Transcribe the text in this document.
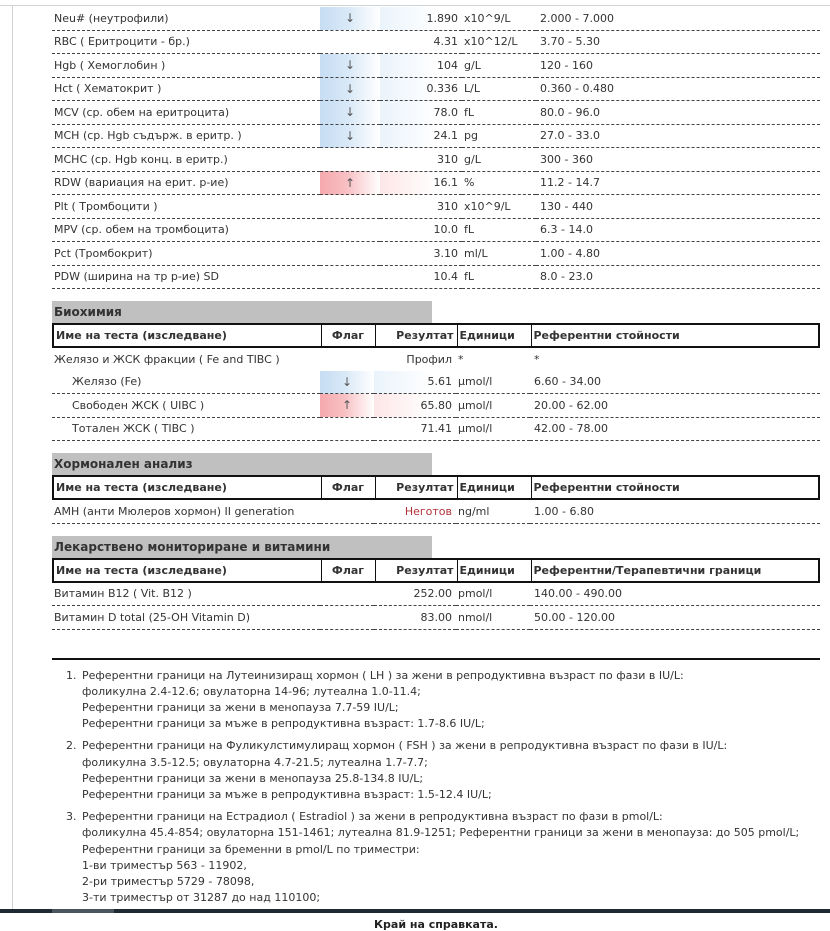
Neu# (неутрофили)	↓	1.890	x10^9/L	2.000 - 7.000
RBC ( Еритроцити - бр.)		4.31	x10^12/L	3.70 - 5.30
Hgb ( Хемоглобин )	↓	104	g/L	120 - 160
Hct ( Хематокрит )	↓	0.336	L/L	0.360 - 0.480
MCV (ср. обем на еритроцита)	↓	78.0	fL	80.0 - 96.0
MCH (ср. Hgb съдърж. в еритр. )	↓	24.1	pg	27.0 - 33.0
MCHC (ср. Hgb конц. в еритр.)		310	g/L	300 - 360
RDW (вариация на ерит. р-ие)	↑	16.1	%	11.2 - 14.7
Plt ( Тромбоцити )		310	x10^9/L	130 - 440
MPV (ср. обем на тромбоцита)		10.0	fL	6.3 - 14.0
Pct (Тромбокрит)		3.10	ml/L	1.00 - 4.80
PDW (ширина на тр р-ие) SD		10.4	fL	8.0 - 23.0
Биохимия
Име на теста (изследване)	Флаг	Резултат	Единици	Референтни стойности
Желязо и ЖСК фракции ( Fe and TIBC )		Профил	*	*
Желязо (Fe)	↓	5.61	µmol/l	6.60 - 34.00
Свободен ЖСК ( UIBC )	↑	65.80	µmol/l	20.00 - 62.00
Тотален ЖСК ( TIBC )		71.41	µmol/l	42.00 - 78.00
Хормонален анализ
Име на теста (изследване)	Флаг	Резултат	Единици	Референтни стойности
AMH (анти Мюлеров хормон) II generation		Неготов	ng/ml	1.00 - 6.80
Лекарствено мониториране и витамини
Име на теста (изследване)	Флаг	Резултат	Единици	Референтни/Терапевтични граници
Витамин B12 ( Vit. B12 )		252.00	pmol/l	140.00 - 490.00
Витамин D total (25-OH Vitamin D)		83.00	nmol/l	50.00 - 120.00
1. Референтни граници на Лутеинизиращ хормон ( LH ) за жени в репродуктивна възраст по фази в IU/L:
фоликулна 2.4-12.6; овулаторна 14-96; лутеална 1.0-11.4;
Референтни граници за жени в менопауза 7.7-59 IU/L;
Референтни граници за мъже в репродуктивна възраст: 1.7-8.6 IU/L;
2. Референтни граници на Фуликулстимулиращ хормон ( FSH ) за жени в репродуктивна възраст по фази в IU/L:
фоликулна 3.5-12.5; овулаторна 4.7-21.5; лутеална 1.7-7.7;
Референтни граници за жени в менопауза 25.8-134.8 IU/L;
Референтни граници за мъже в репродуктивна възраст: 1.5-12.4 IU/L;
3. Референтни граници на Естрадиол ( Estradiol ) за жени в репродуктивна възраст по фази в pmol/L:
фоликулна 45.4-854; овулаторна 151-1461; лутеална 81.9-1251; Референтни граници за жени в менопауза: до 505 pmol/L;
Референтни граници за бременни в pmol/L по триместри:
1-ви триместър 563 - 11902,
2-ри триместър 5729 - 78098,
3-ти триместър от 31287 до над 110100;
Край на справката.
